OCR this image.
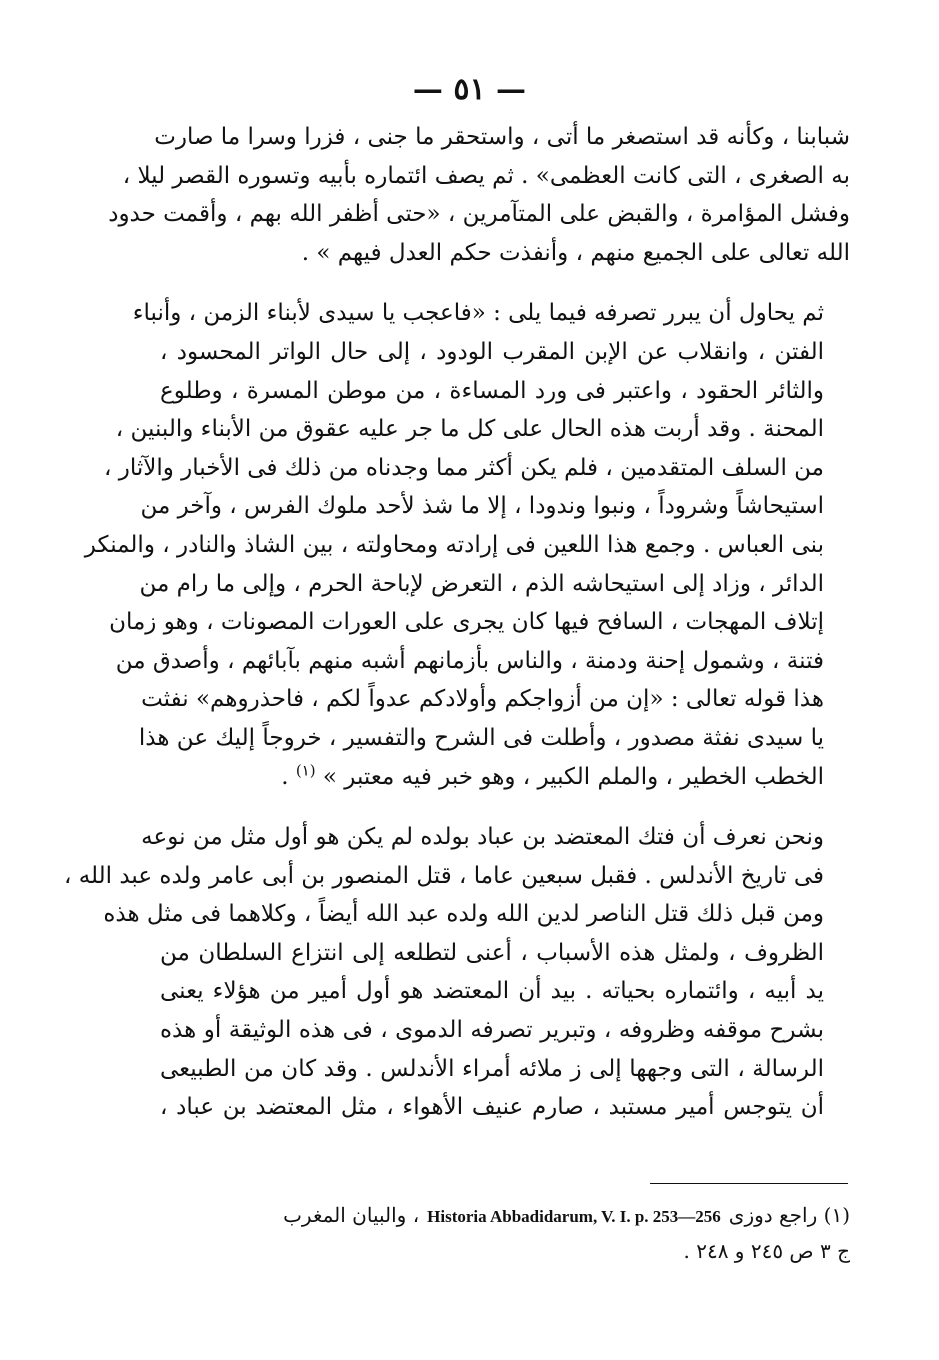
— ٥١ —

شبابنا ، وكأنه قد استصغر ما أتى ، واستحقر ما جنى ، فزرا وسرا ما صارت
به الصغرى ، التى كانت العظمى» . ثم يصف ائتماره بأبيه وتسوره القصر ليلا ،
وفشل المؤامرة ، والقبض على المتآمرين ، «حتى أظفر الله بهم ، وأقمت حدود
الله تعالى على الجميع منهم ، وأنفذت حكم العدل فيهم » .

ثم يحاول أن يبرر تصرفه فيما يلى : «فاعجب يا سيدى لأبناء الزمن ، وأنباء
الفتن ، وانقلاب عن الإبن المقرب الودود ، إلى حال الواتر المحسود ،
والثائر الحقود ، واعتبر فى ورد المساءة ، من موطن المسرة ، وطلوع
المحنة . وقد أربت هذه الحال على كل ما جر عليه عقوق من الأبناء والبنين ،
من السلف المتقدمين ، فلم يكن أكثر مما وجدناه من ذلك فى الأخبار والآثار ،
استيحاشاً وشروداً ، ونبوا وندودا ، إلا ما شذ لأحد ملوك الفرس ، وآخر من
بنى العباس . وجمع هذا اللعين فى إرادته ومحاولته ، بين الشاذ والنادر ، والمنكر
الدائر ، وزاد إلى استيحاشه الذم ، التعرض لإباحة الحرم ، وإلى ما رام من
إتلاف المهجات ، السافح فيها كان يجرى على العورات المصونات ، وهو زمان
فتنة ، وشمول إحنة ودمنة ، والناس بأزمانهم أشبه منهم بآبائهم ، وأصدق من
هذا قوله تعالى : «إن من أزواجكم وأولادكم عدواً لكم ، فاحذروهم» نفثت
يا سيدى نفثة مصدور ، وأطلت فى الشرح والتفسير ، خروجاً إليك عن هذا
الخطب الخطير ، والملم الكبير ، وهو خبر فيه معتبر » $^{(١)}$ .

ونحن نعرف أن فتك المعتضد بن عباد بولده لم يكن هو أول مثل من نوعه
فى تاريخ الأندلس . فقبل سبعين عاما ، قتل المنصور بن أبى عامر ولده عبد الله ،
ومن قبل ذلك قتل الناصر لدين الله ولده عبد الله أيضاً ، وكلاهما فى مثل هذه
الظروف ، ولمثل هذه الأسباب ، أعنى لتطلعه إلى انتزاع السلطان من
يد أبيه ، وائتماره بحياته . بيد أن المعتضد هو أول أمير من هؤلاء يعنى
بشرح موقفه وظروفه ، وتبرير تصرفه الدموى ، فى هذه الوثيقة أو هذه
الرسالة ، التى وجهها إلى ز ملائه أمراء الأندلس . وقد كان من الطبيعى
أن يتوجس أمير مستبد ، صارم عنيف الأهواء ، مثل المعتضد بن عباد ،

(١) راجع دوزىHistoria Abbadidarum, V. I. p. 253—256، والبيان المغرب
ج ٣ ص ٢٤٥ و ٢٤٨ .
